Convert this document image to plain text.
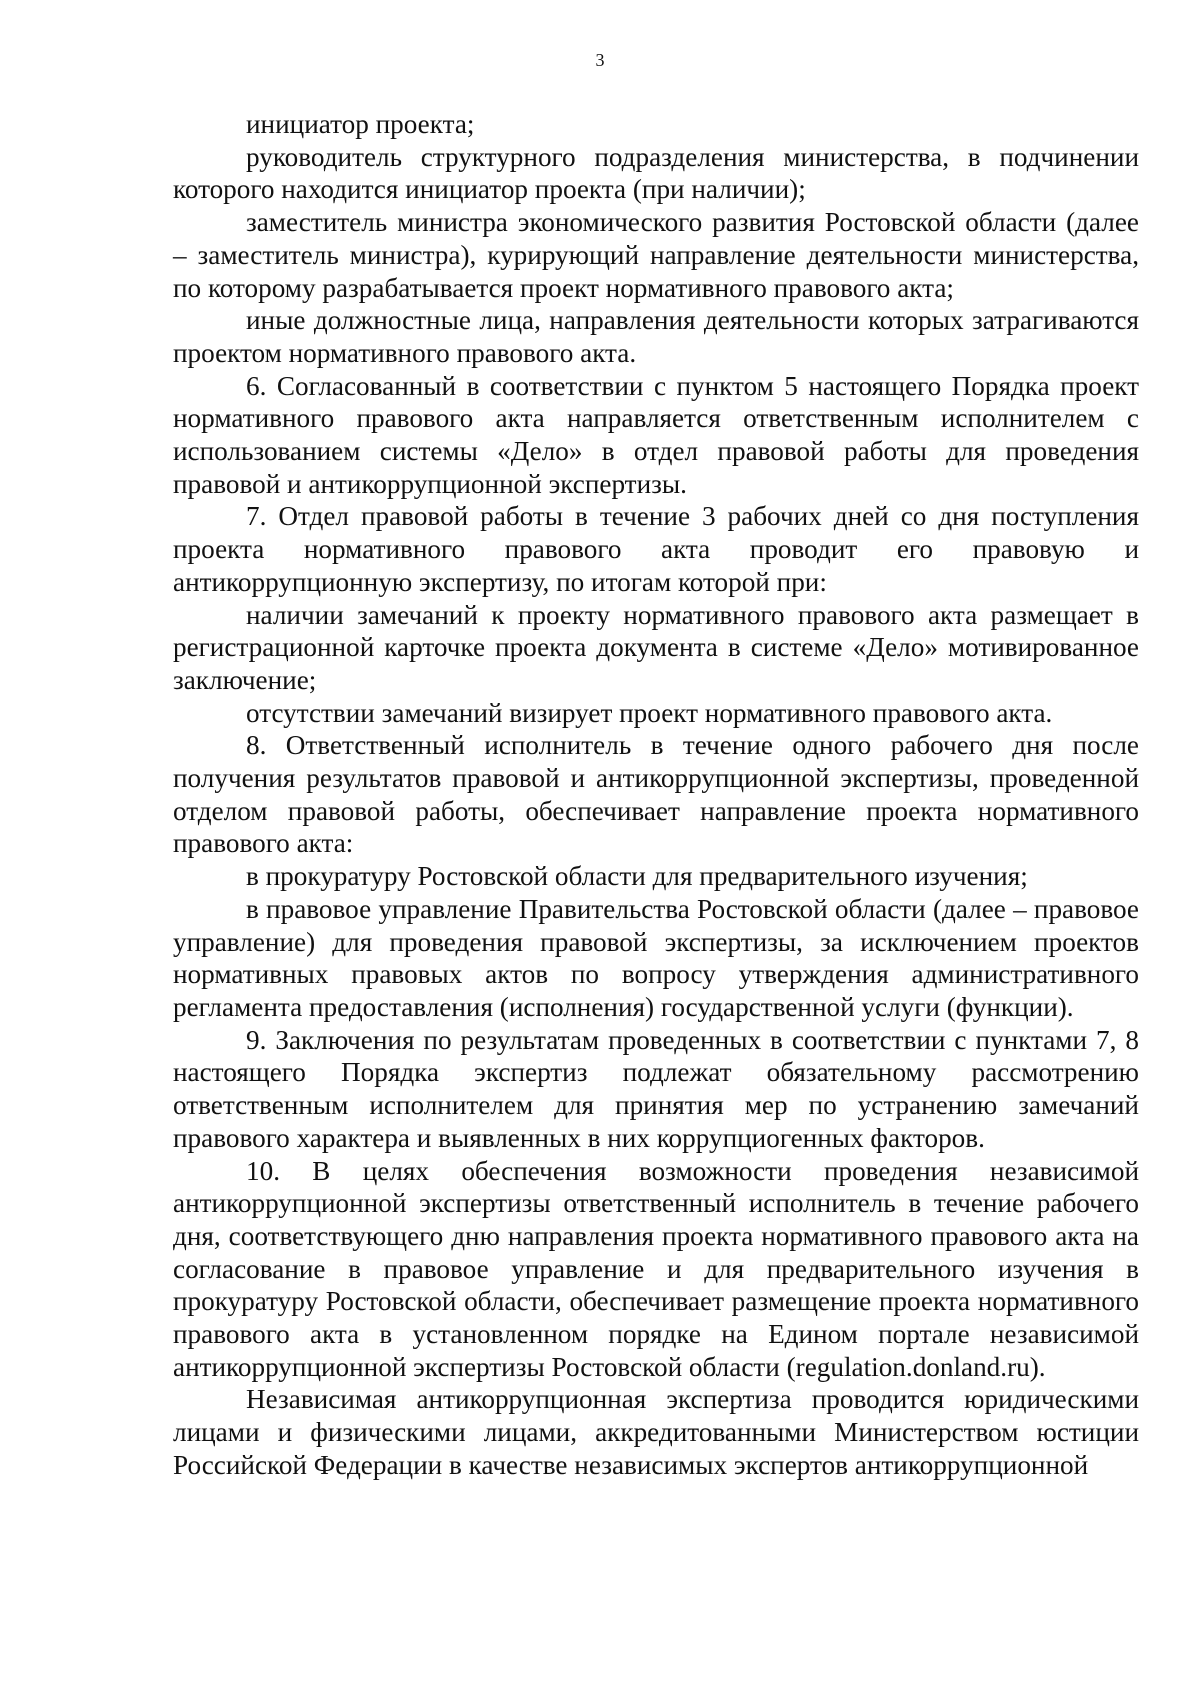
3

инициатор проекта;

руководитель структурного подразделения министерства, в подчинении которого находится инициатор проекта (при наличии);

заместитель министра экономического развития Ростовской области (далее – заместитель министра), курирующий направление деятельности министерства, по которому разрабатывается проект нормативного правового акта;

иные должностные лица, направления деятельности которых затрагиваются проектом нормативного правового акта.

6. Согласованный в соответствии с пунктом 5 настоящего Порядка проект нормативного правового акта направляется ответственным исполнителем с использованием системы «Дело» в отдел правовой работы для проведения правовой и антикоррупционной экспертизы.

7. Отдел правовой работы в течение 3 рабочих дней со дня поступления проекта нормативного правового акта проводит его правовую и антикоррупционную экспертизу, по итогам которой при:

наличии замечаний к проекту нормативного правового акта размещает в регистрационной карточке проекта документа в системе «Дело» мотивированное заключение;

отсутствии замечаний визирует проект нормативного правового акта.

8. Ответственный исполнитель в течение одного рабочего дня после получения результатов правовой и антикоррупционной экспертизы, проведенной отделом правовой работы, обеспечивает направление проекта нормативного правового акта:

в прокуратуру Ростовской области для предварительного изучения;

в правовое управление Правительства Ростовской области (далее – правовое управление) для проведения правовой экспертизы, за исключением проектов нормативных правовых актов по вопросу утверждения административного регламента предоставления (исполнения) государственной услуги (функции).

9. Заключения по результатам проведенных в соответствии с пунктами 7, 8 настоящего Порядка экспертиз подлежат обязательному рассмотрению ответственным исполнителем для принятия мер по устранению замечаний правового характера и выявленных в них коррупциогенных факторов.

10. В целях обеспечения возможности проведения независимой антикоррупционной экспертизы ответственный исполнитель в течение рабочего дня, соответствующего дню направления проекта нормативного правового акта на согласование в правовое управление и для предварительного изучения в прокуратуру Ростовской области, обеспечивает размещение проекта нормативного правового акта в установленном порядке на Едином портале независимой антикоррупционной экспертизы Ростовской области (regulation.donland.ru).

Независимая антикоррупционная экспертиза проводится юридическими лицами и физическими лицами, аккредитованными Министерством юстиции Российской Федерации в качестве независимых экспертов антикоррупционной
